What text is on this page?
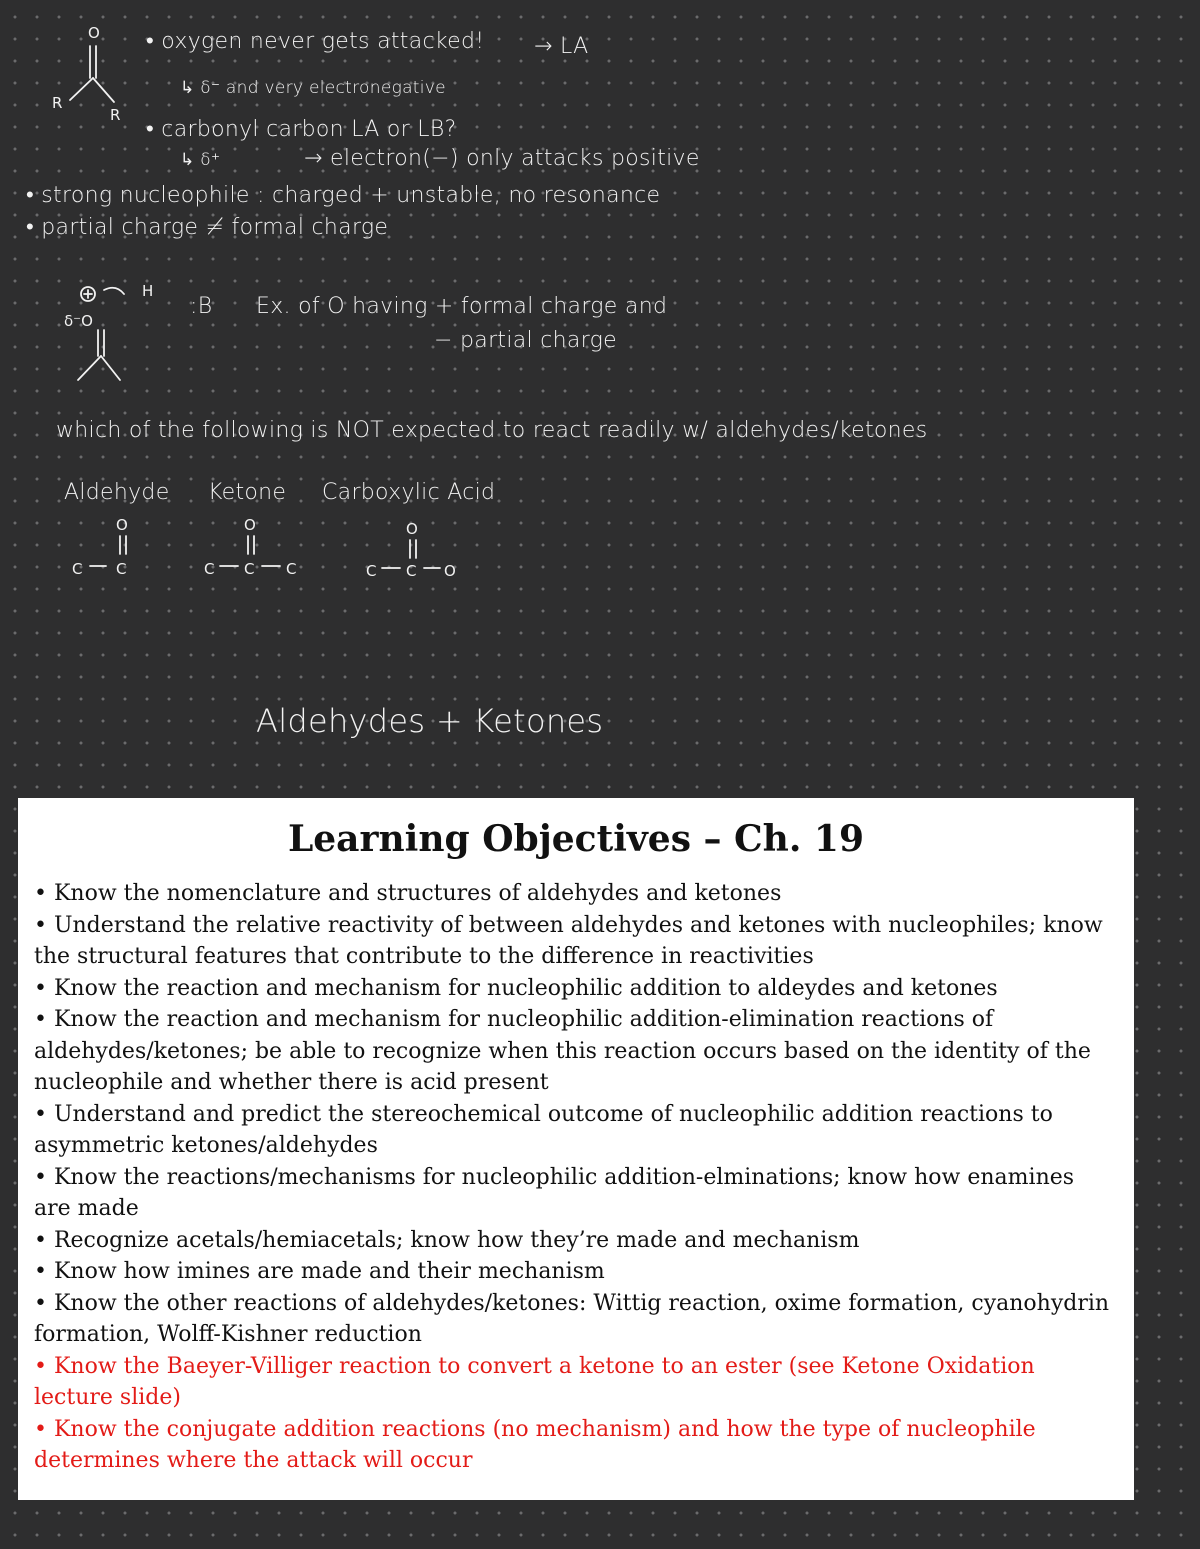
O
R
R
• oxygen never gets attacked! → LA
↳ δ⁻ and very electronegative
• carbonyl carbon LA or LB?
↳ δ⁺	→ electron(−) only attacks positive
• strong nucleophile : charged + unstable, no resonance
• partial charge ≠ formal charge
H
δ⁻O
:B Ex. of O having + formal charge and
− partial charge
which of the following is NOT expected to react readily w/ aldehydes/ketones
Aldehyde Ketone Carboxylic Acid
O
C C
O
C C C
O
C C O
Aldehydes + Ketones
Learning Objectives – Ch. 19
• Know the nomenclature and structures of aldehydes and ketones
• Understand the relative reactivity of between aldehydes and ketones with nucleophiles; know the structural features that contribute to the difference in reactivities
• Know the reaction and mechanism for nucleophilic addition to aldeydes and ketones
• Know the reaction and mechanism for nucleophilic addition-elimination reactions of aldehydes/ketones; be able to recognize when this reaction occurs based on the identity of the nucleophile and whether there is acid present
• Understand and predict the stereochemical outcome of nucleophilic addition reactions to asymmetric ketones/aldehydes
• Know the reactions/mechanisms for nucleophilic addition-elminations; know how enamines are made
• Recognize acetals/hemiacetals; know how they’re made and mechanism
• Know how imines are made and their mechanism
• Know the other reactions of aldehydes/ketones: Wittig reaction, oxime formation, cyanohydrin formation, Wolff-Kishner reduction
• Know the Baeyer-Villiger reaction to convert a ketone to an ester (see Ketone Oxidation lecture slide)
• Know the conjugate addition reactions (no mechanism) and how the type of nucleophile determines where the attack will occur
